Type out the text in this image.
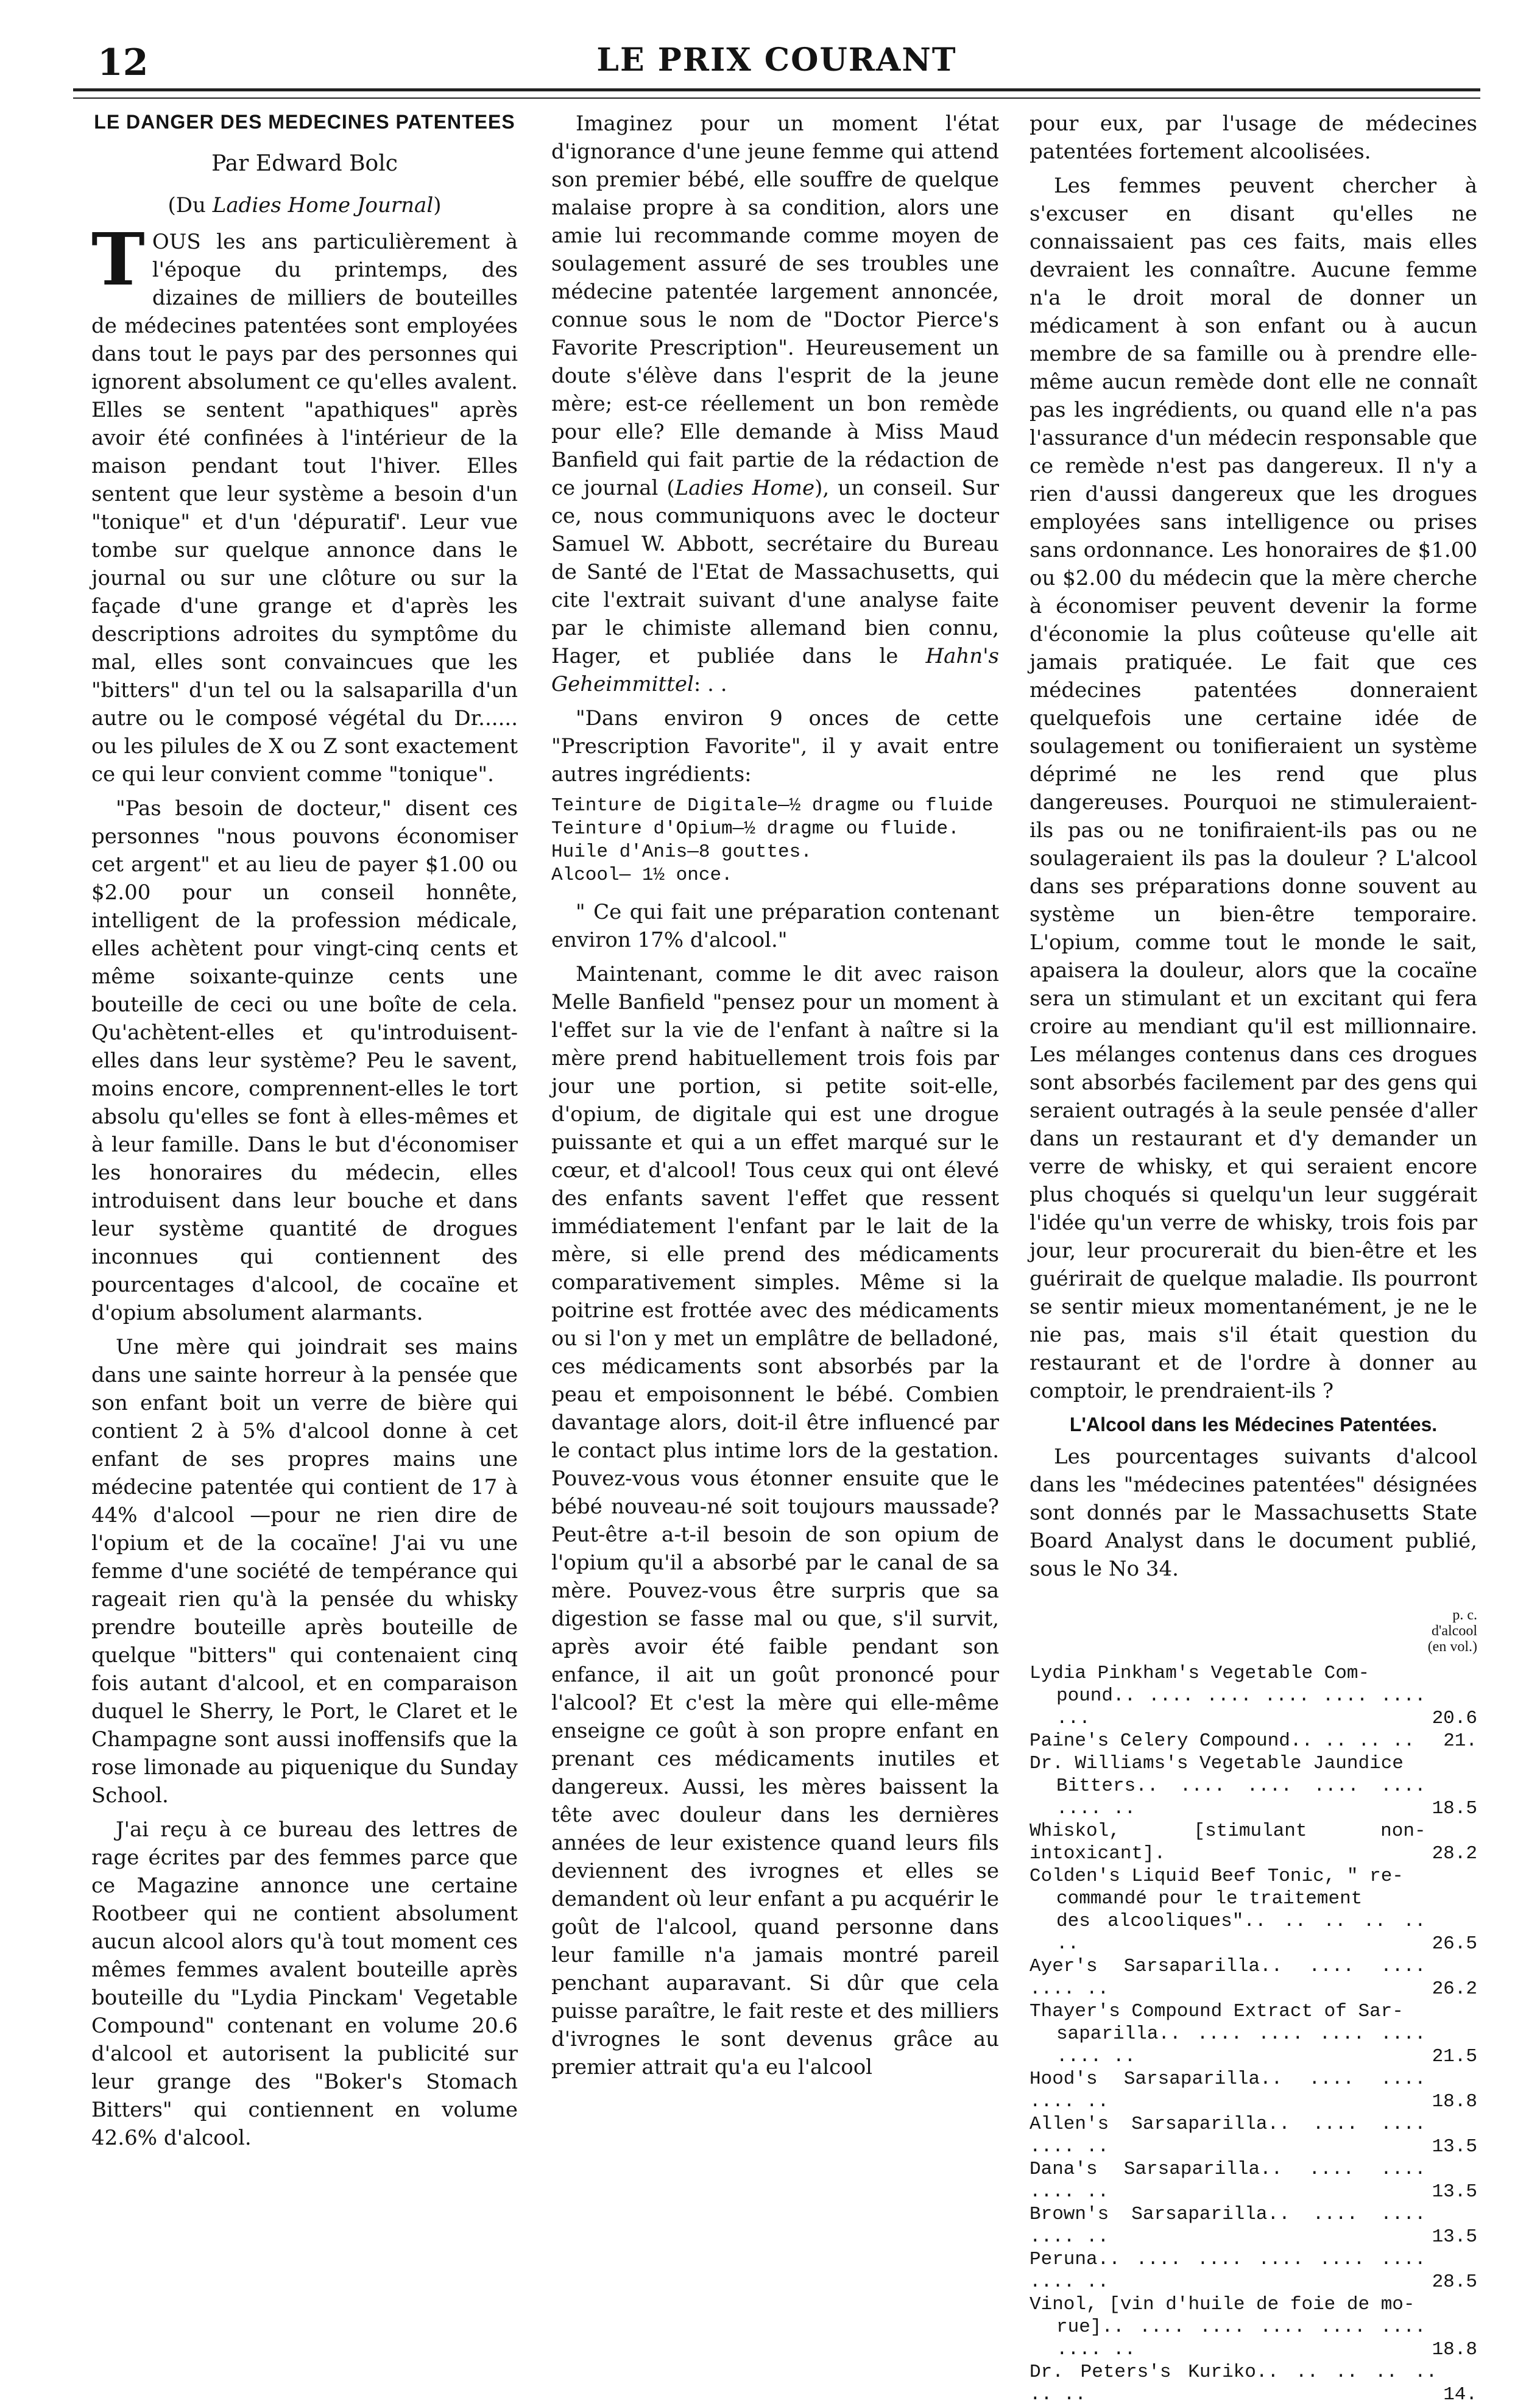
12	LE PRIX COURANT
LE DANGER DES MEDECINES PATENTEES
Par Edward Bolc
(Du Ladies Home Journal)

TOUS les ans particulièrement à l'époque du printemps, des dizaines de milliers de bouteilles de médecines patentées sont employées dans tout le pays par des personnes qui ignorent absolument ce qu'elles avalent. Elles se sentent "apathiques" après avoir été confinées à l'intérieur de la maison pendant tout l'hiver. Elles sentent que leur système a besoin d'un "tonique" et d'un 'dépuratif'. Leur vue tombe sur quelque annonce dans le journal ou sur une clôture ou sur la façade d'une grange et d'après les descriptions adroites du symptôme du mal, elles sont convaincues que les "bitters" d'un tel ou la salsaparilla d'un autre ou le composé végétal du Dr...... ou les pilules de X ou Z sont exactement ce qui leur convient comme "tonique".

"Pas besoin de docteur," disent ces personnes "nous pouvons économiser cet argent" et au lieu de payer $1.00 ou $2.00 pour un conseil honnête, intelligent de la profession médicale, elles achètent pour vingt-cinq cents et même soixante-quinze cents une bouteille de ceci ou une boîte de cela. Qu'achètent-elles et qu'introduisent-elles dans leur système? Peu le savent, moins encore, comprennent-elles le tort absolu qu'elles se font à elles-mêmes et à leur famille. Dans le but d'économiser les honoraires du médecin, elles introduisent dans leur bouche et dans leur système quantité de drogues inconnues qui contiennent des pourcentages d'alcool, de cocaïne et d'opium absolument alarmants.

Une mère qui joindrait ses mains dans une sainte horreur à la pensée que son enfant boit un verre de bière qui contient 2 à 5% d'alcool donne à cet enfant de ses propres mains une médecine patentée qui contient de 17 à 44% d'alcool —pour ne rien dire de l'opium et de la cocaïne! J'ai vu une femme d'une société de tempérance qui rageait rien qu'à la pensée du whisky prendre bouteille après bouteille de quelque "bitters" qui contenaient cinq fois autant d'alcool, et en comparaison duquel le Sherry, le Port, le Claret et le Champagne sont aussi inoffensifs que la rose limonade au piquenique du Sunday School.

J'ai reçu à ce bureau des lettres de rage écrites par des femmes parce que ce Magazine annonce une certaine Rootbeer qui ne contient absolument aucun alcool alors qu'à tout moment ces mêmes femmes avalent bouteille après bouteille du "Lydia Pinckam' Vegetable Compound" contenant en volume 20.6 d'alcool et autorisent la publicité sur leur grange des "Boker's Stomach Bitters" qui contiennent en volume 42.6% d'alcool.

Imaginez pour un moment l'état d'ignorance d'une jeune femme qui attend son premier bébé, elle souffre de quelque malaise propre à sa condition, alors une amie lui recommande comme moyen de soulagement assuré de ses troubles une médecine patentée largement annoncée, connue sous le nom de "Doctor Pierce's Favorite Prescription". Heureusement un doute s'élève dans l'esprit de la jeune mère; est-ce réellement un bon remède pour elle? Elle demande à Miss Maud Banfield qui fait partie de la rédaction de ce journal (Ladies Home), un conseil. Sur ce, nous communiquons avec le docteur Samuel W. Abbott, secrétaire du Bureau de Santé de l'Etat de Massachusetts, qui cite l'extrait suivant d'une analyse faite par le chimiste allemand bien connu, Hager, et publiée dans le Hahn's Geheimmittel: . .

"Dans environ 9 onces de cette "Prescription Favorite", il y avait entre autres ingrédients:

Teinture de Digitale—½ dragme ou fluide
Teinture d'Opium—½ dragme ou fluide.
Huile d'Anis—8 gouttes.
Alcool— 1½ once.

" Ce qui fait une préparation contenant environ 17% d'alcool."

Maintenant, comme le dit avec raison Melle Banfield "pensez pour un moment à l'effet sur la vie de l'enfant à naître si la mère prend habituellement trois fois par jour une portion, si petite soit-elle, d'opium, de digitale qui est une drogue puissante et qui a un effet marqué sur le cœur, et d'alcool! Tous ceux qui ont élevé des enfants savent l'effet que ressent immédiatement l'enfant par le lait de la mère, si elle prend des médicaments comparativement simples. Même si la poitrine est frottée avec des médicaments ou si l'on y met un emplâtre de belladoné, ces médicaments sont absorbés par la peau et empoisonnent le bébé. Combien davantage alors, doit-il être influencé par le contact plus intime lors de la gestation. Pouvez-vous vous étonner ensuite que le bébé nouveau-né soit toujours maussade? Peut-être a-t-il besoin de son opium de l'opium qu'il a absorbé par le canal de sa mère. Pouvez-vous être surpris que sa digestion se fasse mal ou que, s'il survit, après avoir été faible pendant son enfance, il ait un goût prononcé pour l'alcool? Et c'est la mère qui elle-même enseigne ce goût à son propre enfant en prenant ces médicaments inutiles et dangereux. Aussi, les mères baissent la tête avec douleur dans les dernières années de leur existence quand leurs fils deviennent des ivrognes et elles se demandent où leur enfant a pu acquérir le goût de l'alcool, quand personne dans leur famille n'a jamais montré pareil penchant auparavant. Si dûr que cela puisse paraître, le fait reste et des milliers d'ivrognes le sont devenus grâce au premier attrait qu'a eu l'alcool

pour eux, par l'usage de médecines patentées fortement alcoolisées.

Les femmes peuvent chercher à s'excuser en disant qu'elles ne connaissaient pas ces faits, mais elles devraient les connaître. Aucune femme n'a le droit moral de donner un médicament à son enfant ou à aucun membre de sa famille ou à prendre elle-même aucun remède dont elle ne connaît pas les ingrédients, ou quand elle n'a pas l'assurance d'un médecin responsable que ce remède n'est pas dangereux. Il n'y a rien d'aussi dangereux que les drogues employées sans intelligence ou prises sans ordonnance. Les honoraires de $1.00 ou $2.00 du médecin que la mère cherche à économiser peuvent devenir la forme d'économie la plus coûteuse qu'elle ait jamais pratiquée. Le fait que ces médecines patentées donneraient quelquefois une certaine idée de soulagement ou tonifieraient un système déprimé ne les rend que plus dangereuses. Pourquoi ne stimuleraient-ils pas ou ne tonifiraient-ils pas ou ne soulageraient ils pas la douleur ? L'alcool dans ses préparations donne souvent au système un bien-être temporaire. L'opium, comme tout le monde le sait, apaisera la douleur, alors que la cocaïne sera un stimulant et un excitant qui fera croire au mendiant qu'il est millionnaire. Les mélanges contenus dans ces drogues sont absorbés facilement par des gens qui seraient outragés à la seule pensée d'aller dans un restaurant et d'y demander un verre de whisky, et qui seraient encore plus choqués si quelqu'un leur suggérait l'idée qu'un verre de whisky, trois fois par jour, leur procurerait du bien-être et les guérirait de quelque maladie. Ils pourront se sentir mieux momentanément, je ne le nie pas, mais s'il était question du restaurant et de l'ordre à donner au comptoir, le prendraient-ils ?

L'Alcool dans les Médecines Patentées.

Les pourcentages suivants d'alcool dans les "médecines patentées" désignées sont donnés par le Massachusetts State Board Analyst dans le document publié, sous le No 34.

p. c.
d'alcool
(en vol.)
Lydia Pinkham's Vegetable Com-
pound.. .... .... .... .... .... ...	20.6
Paine's Celery Compound.. .. .. ..	21.
Dr. Williams's Vegetable Jaundice
Bitters.. .... .... .... .... .... ..	18.5
Whiskol, [stimulant non-intoxicant].	28.2
Colden's Liquid Beef Tonic, " re-
commandé pour le traitement
des alcooliques".. .. .. .. .. ..	26.5
Ayer's Sarsaparilla.. .... .... .... ..	26.2
Thayer's Compound Extract of Sar-
saparilla.. .... .... .... .... .... ..	21.5
Hood's Sarsaparilla.. .... .... .... ..	18.8
Allen's Sarsaparilla.. .... .... .... ..	13.5
Dana's Sarsaparilla.. .... .... .... ..	13.5
Brown's Sarsaparilla.. .... .... .... ..	13.5
Peruna.. .... .... .... .... .... .... ..	28.5
Vinol, [vin d'huile de foie de mo-
rue].. .... .... .... .... .... .... ..	18.8
Dr. Peters's Kuriko.. .. .. .. .. .. ..	14.
